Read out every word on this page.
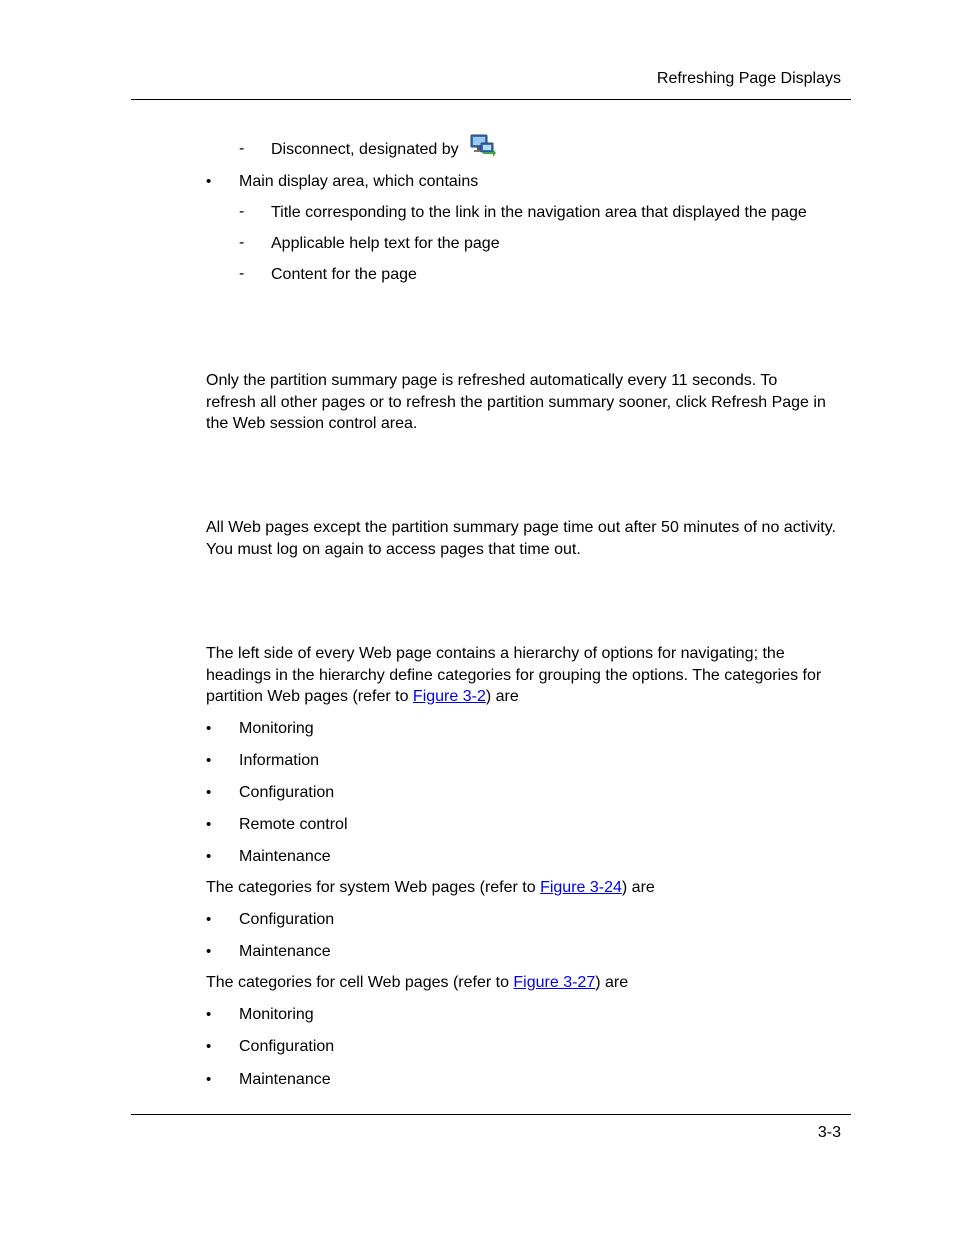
Refreshing Page Displays
- Disconnect, designated by
• Main display area, which contains
- Title corresponding to the link in the navigation area that displayed the page
- Applicable help text for the page
- Content for the page
Only the partition summary page is refreshed automatically every 11 seconds. To
refresh all other pages or to refresh the partition summary sooner, click Refresh Page in
the Web session control area.
All Web pages except the partition summary page time out after 50 minutes of no activity.
You must log on again to access pages that time out.
The left side of every Web page contains a hierarchy of options for navigating; the
headings in the hierarchy define categories for grouping the options. The categories for
partition Web pages (refer to Figure 3-2) are
• Monitoring
• Information
• Configuration
• Remote control
• Maintenance
The categories for system Web pages (refer to Figure 3-24) are
• Configuration
• Maintenance
The categories for cell Web pages (refer to Figure 3-27) are
• Monitoring
• Configuration
• Maintenance
3-3
